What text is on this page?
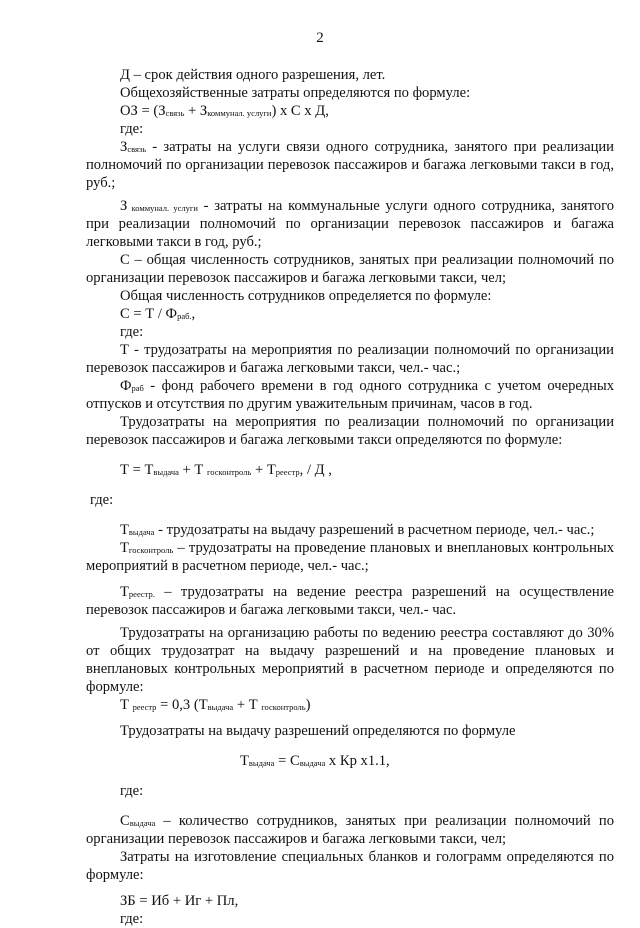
2

Д – срок действия одного разрешения, лет.

Общехозяйственные затраты определяются по формуле:

ОЗ = $(З_{связь} + З_{коммунал. услуги})$ х С х Д,

где:

$З_{связь}$ - затраты на услуги связи одного сотрудника, занятого при реализации полномочий по организации перевозок пассажиров и багажа легковыми такси в год, руб.;

З $_{коммунал. услуги}$ - затраты на коммунальные услуги одного сотрудника, занятого при реализации полномочий по организации перевозок пассажиров и багажа легковыми такси в год, руб.;

С – общая численность сотрудников, занятых при реализации полномочий по организации перевозок пассажиров и багажа легковыми такси, чел;

Общая численность сотрудников определяется по формуле:

$С = Т / Ф_{раб.}$,

где:

Т - трудозатраты на мероприятия по реализации полномочий по организации перевозок пассажиров и багажа легковыми такси, чел.- час.;

$Ф_{раб}$ - фонд рабочего времени в год одного сотрудника с учетом очередных отпусков и отсутствия по другим уважительным причинам, часов в год.

Трудозатраты на мероприятия по реализации полномочий по организации перевозок пассажиров и багажа легковыми такси определяются по формуле:

$Т = Т_{выдача} + Т$ $_{госконтроль} + Т_{реестр}$, / Д ,

где:

$Т_{выдача}$ - трудозатраты на выдачу разрешений в расчетном периоде, чел.- час.;

$Т_{госконтроль}$ – трудозатраты на проведение плановых и внеплановых контрольных мероприятий в расчетном периоде, чел.- час.;

$Т_{реестр.}$ – трудозатраты на ведение реестра разрешений на осуществление перевозок пассажиров и багажа легковыми такси, чел.- час.

Трудозатраты на организацию работы по ведению реестра составляют до 30% от общих трудозатрат на выдачу разрешений и на проведение плановых и внеплановых контрольных мероприятий в расчетном периоде и определяются по формуле:

Т $_{реестр}$ = 0,3 ($Т_{выдача} + Т$ $_{госконтроль}$)

Трудозатраты на выдачу разрешений определяются по формуле

$Т_{выдача} = С_{выдача}$ х Кр х1.1,

где:

$С_{выдача}$ – количество сотрудников, занятых при реализации полномочий по организации перевозок пассажиров и багажа легковыми такси, чел;

Затраты на изготовление специальных бланков и голограмм определяются по формуле:

ЗБ = Иб + Иг + Пл,

где:
